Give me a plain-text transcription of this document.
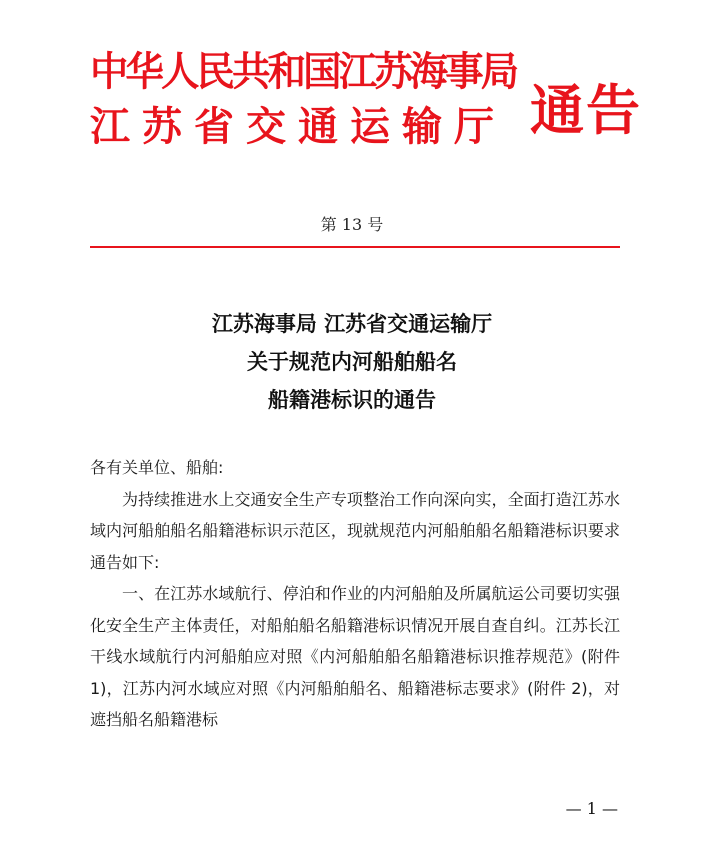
中华人民共和国江苏海事局
江苏省交通运输厅 通告
第 13 号
江苏海事局 江苏省交通运输厅
关于规范内河船舶船名
船籍港标识的通告

各有关单位、船舶:

为持续推进水上交通安全生产专项整治工作向深向实，全面打造江苏水域内河船舶船名船籍港标识示范区，现就规范内河船舶船名船籍港标识要求通告如下:

一、在江苏水域航行、停泊和作业的内河船舶及所属航运公司要切实强化安全生产主体责任，对船舶船名船籍港标识情况开展自查自纠。江苏长江干线水域航行内河船舶应对照《内河船舶船名船籍港标识推荐规范》(附件 1)，江苏内河水域应对照《内河船舶船名、船籍港标志要求》(附件 2)，对遮挡船名船籍港标

— 1 —
